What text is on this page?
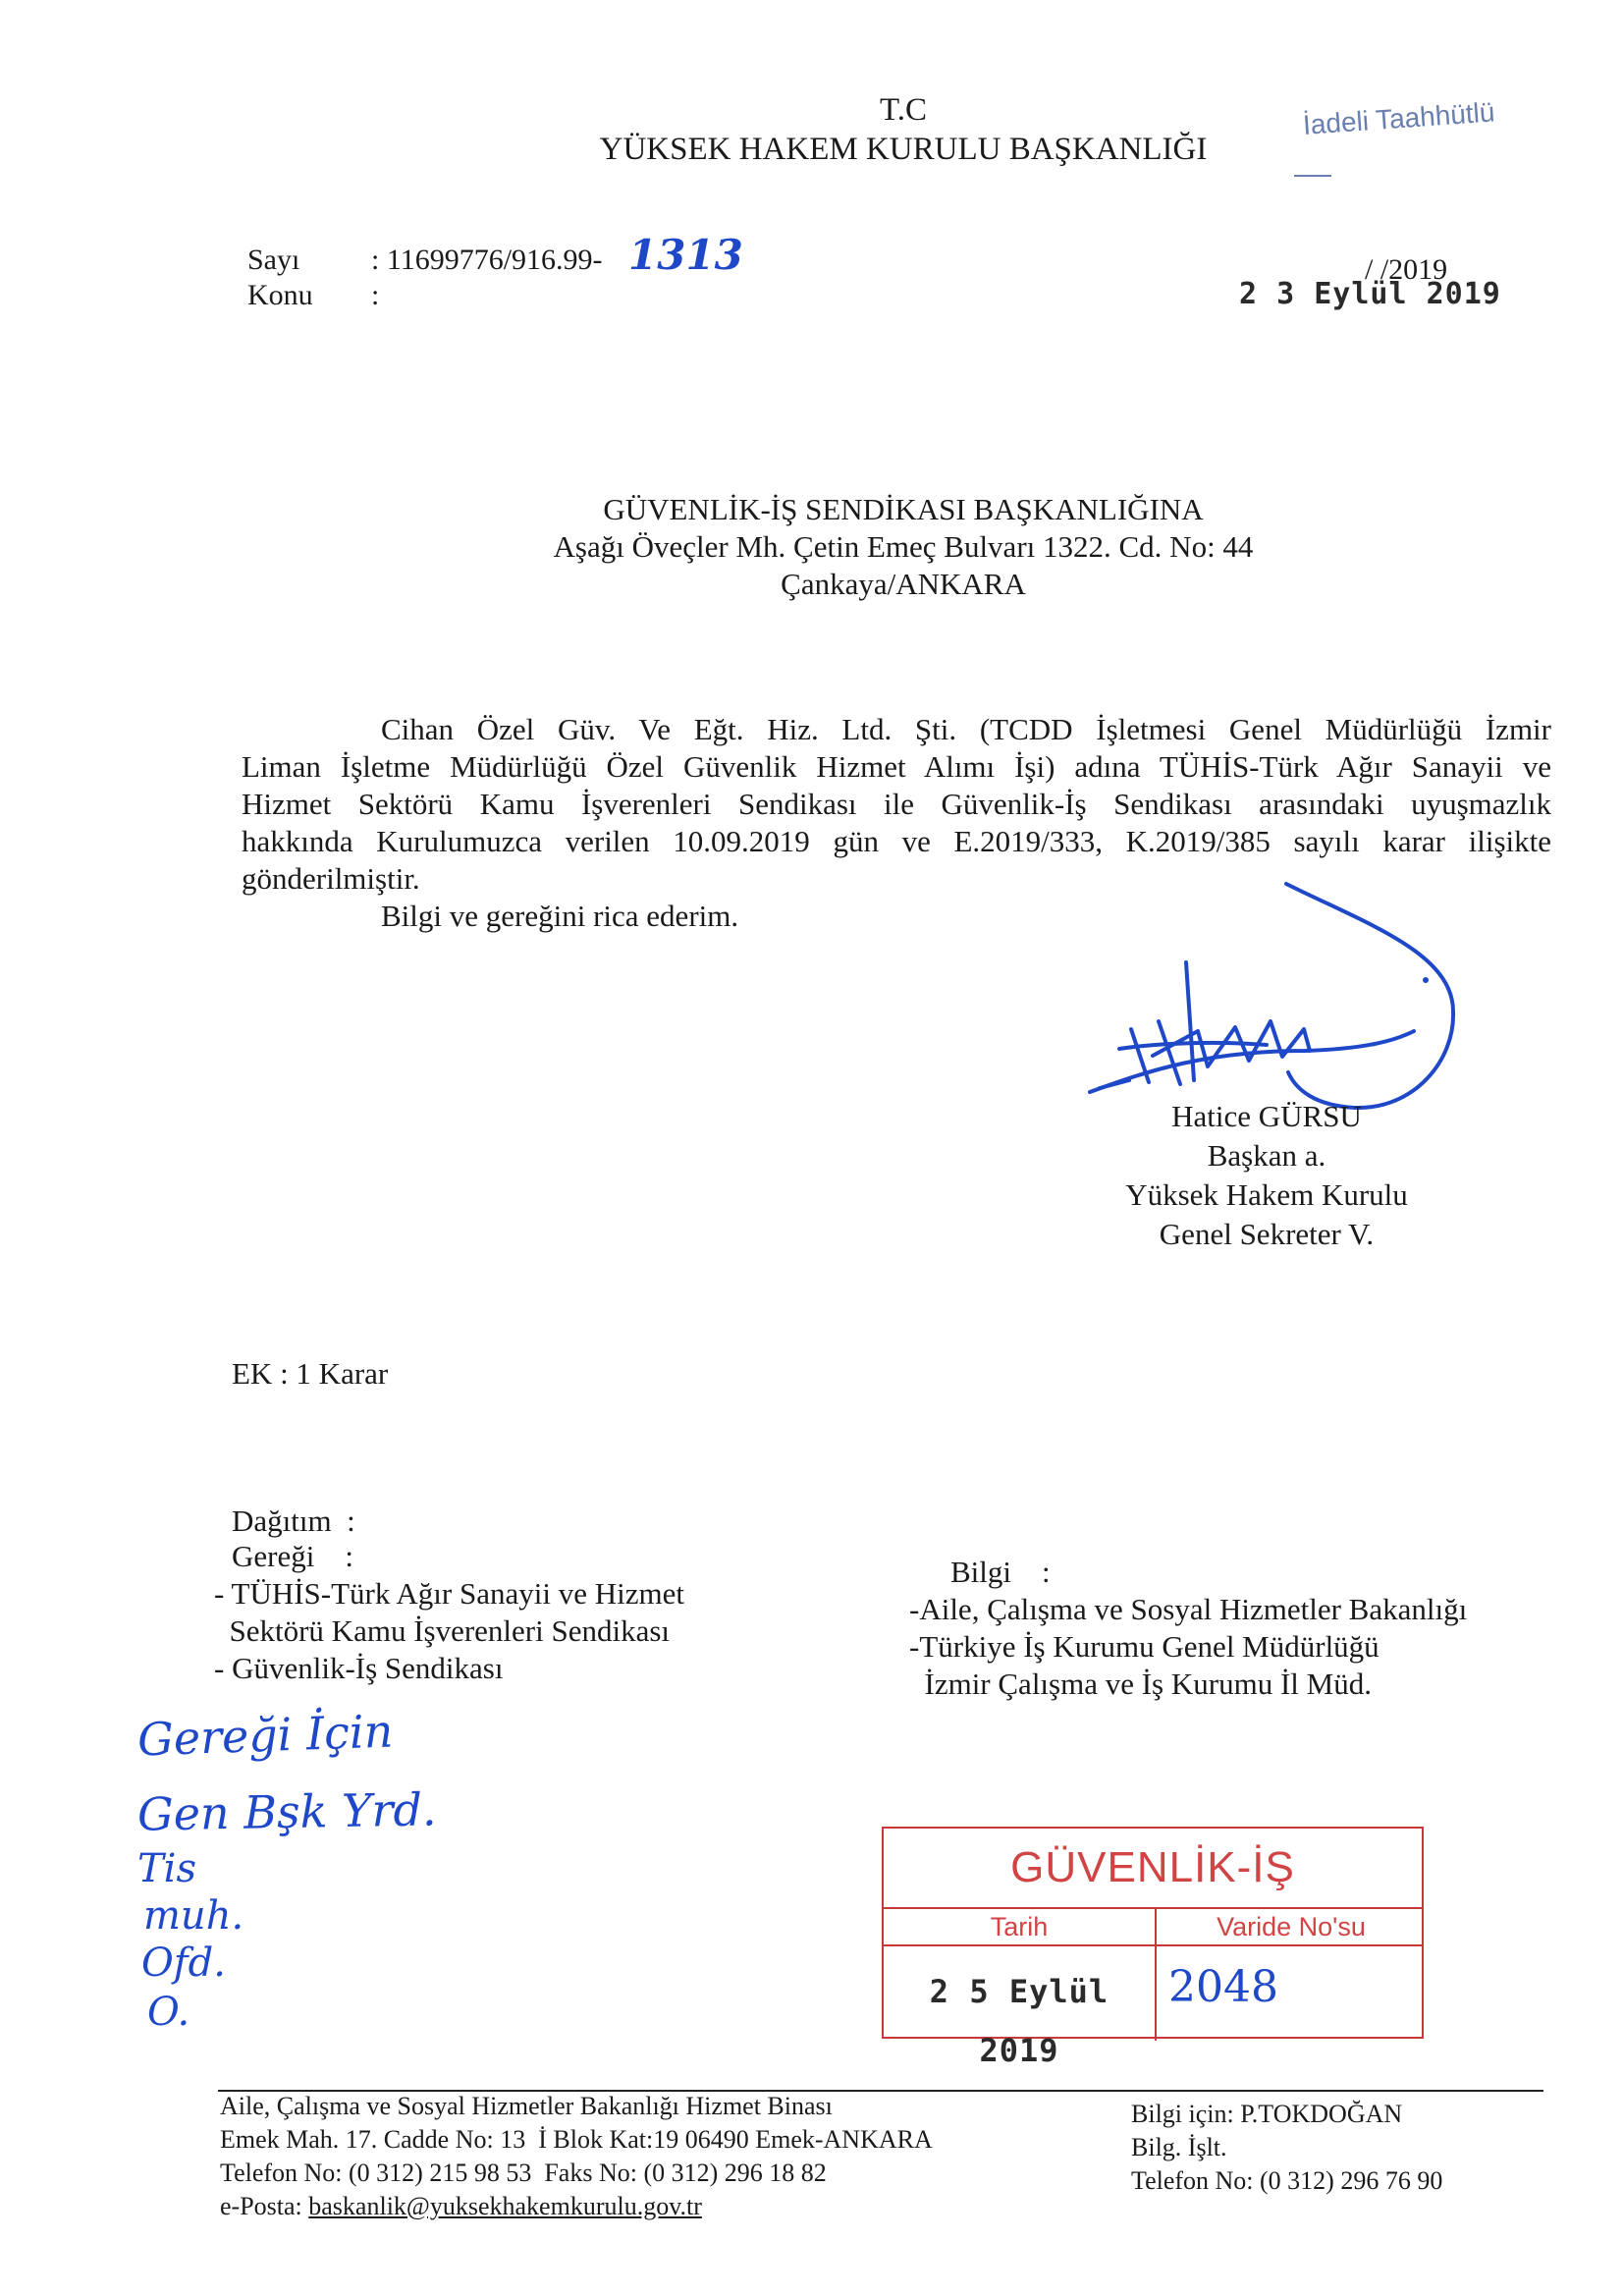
T.C
YÜKSEK HAKEM KURULU BAŞKANLIĞI
İadeli Taahhütlü
Sayı : 11699776/916.99- 1313
Konu :
/ /2019
2 3 Eylül 2019
GÜVENLİK-İŞ SENDİKASI BAŞKANLIĞINA
Aşağı Öveçler Mh. Çetin Emeç Bulvarı 1322. Cd. No: 44
Çankaya/ANKARA

Cihan Özel Güv. Ve Eğt. Hiz. Ltd. Şti. (TCDD İşletmesi Genel Müdürlüğü İzmir

Liman İşletme Müdürlüğü Özel Güvenlik Hizmet Alımı İşi) adına TÜHİS-Türk Ağır Sanayii ve

Hizmet Sektörü Kamu İşverenleri Sendikası ile Güvenlik-İş Sendikası arasındaki uyuşmazlık

hakkında Kurulumuzca verilen 10.09.2019 gün ve E.2019/333, K.2019/385 sayılı karar ilişikte

gönderilmiştir.

Bilgi ve gereğini rica ederim.

Hatice GÜRSU
Başkan a.
Yüksek Hakem Kurulu
Genel Sekreter V.
EK : 1 Karar
Dağıtım  :
Gereği    :
- TÜHİS-Türk Ağır Sanayii ve Hizmet
Sektörü Kamu İşverenleri Sendikası
- Güvenlik-İş Sendikası
Bilgi    :
-Aile, Çalışma ve Sosyal Hizmetler Bakanlığı
-Türkiye İş Kurumu Genel Müdürlüğü
İzmir Çalışma ve İş Kurumu İl Müd.
Gereği İçin
Gen Bşk Yrd.
Tis
muh.
Ofd.
O.
GÜVENLİK-İŞ
Tarih	Varide No'su
2 5 Eylül 2019
2048
Aile, Çalışma ve Sosyal Hizmetler Bakanlığı Hizmet Binası
Emek Mah. 17. Cadde No: 13  İ Blok Kat:19 06490 Emek-ANKARA
Telefon No: (0 312) 215 98 53  Faks No: (0 312) 296 18 82
e-Posta: baskanlik@yuksekhakemkurulu.gov.tr
Bilgi için: P.TOKDOĞAN
Bilg. İşlt.
Telefon No: (0 312) 296 76 90
